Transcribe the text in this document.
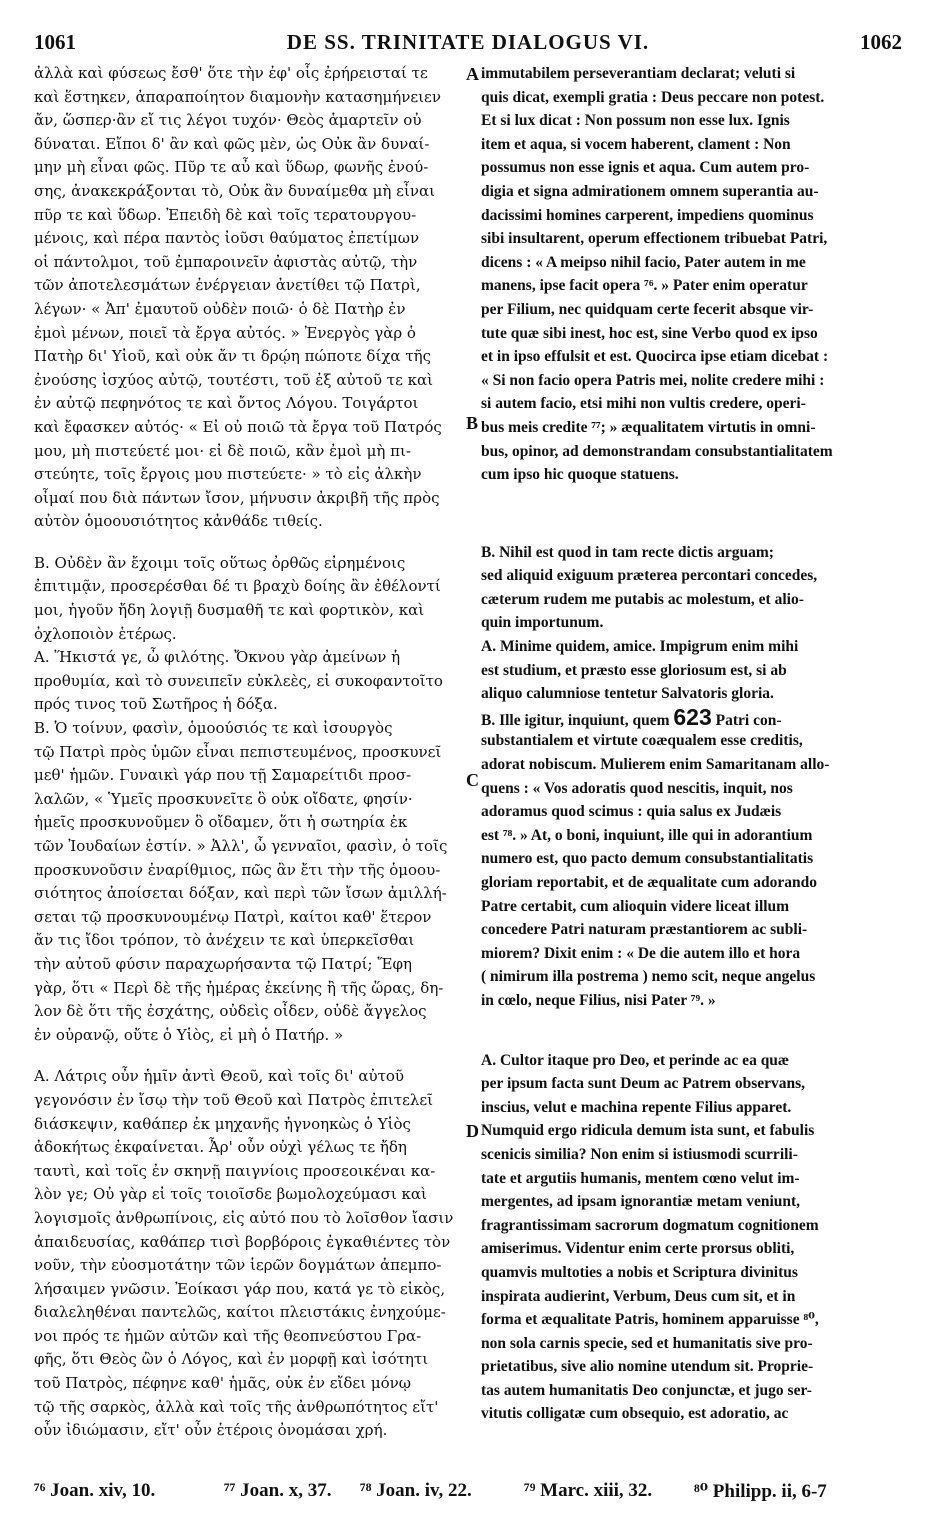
1061	DE SS. TRINITATE DIALOGUS VI.	1062
ἀλλὰ καὶ φύσεως ἔσθ' ὅτε τὴν ἐφ' οἷς ἐρήρεισταί τε
καὶ ἕστηκεν, ἀπαραποίητον διαμονὴν κατασημήνειεν
ἄν, ὥσπερ·ἂν εἴ τις λέγοι τυχόν· Θεὸς ἁμαρτεῖν οὐ
δύναται. Εἴποι δ' ἂν καὶ φῶς μὲν, ὡς Οὐκ ἂν δυναί-
μην μὴ εἶναι φῶς. Πῦρ τε αὖ καὶ ὕδωρ, φωνῆς ἐνού-
σης, ἀνακεκράξονται τὸ, Οὐκ ἂν δυναίμεθα μὴ εἶναι
πῦρ τε καὶ ὕδωρ. Ἐπειδὴ δὲ καὶ τοῖς τερατουργου-
μένοις, καὶ πέρα παντὸς ἰοῦσι θαύματος ἐπετίμων
οἱ πάντολμοι, τοῦ ἐμπαροινεῖν ἀφιστὰς αὐτῷ, τὴν
τῶν ἀποτελεσμάτων ἐνέργειαν ἀνετίθει τῷ Πατρὶ,
λέγων· « Ἀπ' ἐμαυτοῦ οὐδὲν ποιῶ· ὁ δὲ Πατὴρ ἐν
ἐμοὶ μένων, ποιεῖ τὰ ἔργα αὐτός. » Ἐνεργὸς γὰρ ὁ
Πατὴρ δι' Υἱοῦ, καὶ οὐκ ἄν τι δρῴη πώποτε δίχα τῆς
ἐνούσης ἰσχύος αὐτῷ, τουτέστι, τοῦ ἐξ αὐτοῦ τε καὶ
ἐν αὐτῷ πεφηνότος τε καὶ ὄντος Λόγου. Τοιγάρτοι
καὶ ἔφασκεν αὐτός· « Εἰ οὐ ποιῶ τὰ ἔργα τοῦ Πατρός
μου, μὴ πιστεύετέ μοι· εἰ δὲ ποιῶ, κἂν ἐμοὶ μὴ πι-
στεύητε, τοῖς ἔργοις μου πιστεύετε· » τὸ εἰς ἀλκὴν
οἶμαί που διὰ πάντων ἴσον, μήνυσιν ἀκριβῆ τῆς πρὸς
αὐτὸν ὁμοουσιότητος κἀνθάδε τιθείς.
B. Οὐδὲν ἂν ἔχοιμι τοῖς οὕτως ὀρθῶς εἰρημένοις
ἐπιτιμᾷν, προσερέσθαι δέ τι βραχὺ δοίης ἂν ἐθέλοντί
μοι, ἡγοῦν ἤδη λογιῇ δυσμαθῆ τε καὶ φορτικὸν, καὶ
ὀχλοποιὸν ἑτέρως.
A. Ἥκιστά γε, ὦ φιλότης. Ὄκνου γὰρ ἀμείνων ἡ
προθυμία, καὶ τὸ συνειπεῖν εὐκλεὲς, εἰ συκοφαντοῖτο
πρός τινος τοῦ Σωτῆρος ἡ δόξα.
B. Ὁ τοίνυν, φασὶν, ὁμοούσιός τε καὶ ἰσουργὸς
τῷ Πατρὶ πρὸς ὑμῶν εἶναι πεπιστευμένος, προσκυνεῖ
μεθ' ἡμῶν. Γυναικὶ γάρ που τῇ Σαμαρείτιδι προσ-
λαλῶν, « Ὑμεῖς προσκυνεῖτε ὃ οὐκ οἴδατε, φησίν·
ἡμεῖς προσκυνοῦμεν ὃ οἴδαμεν, ὅτι ἡ σωτηρία ἐκ
τῶν Ἰουδαίων ἐστίν. » Ἀλλ', ὦ γενναῖοι, φασὶν, ὁ τοῖς
προσκυνοῦσιν ἐναρίθμιος, πῶς ἂν ἔτι τὴν τῆς ὁμοου-
σιότητος ἀποίσεται δόξαν, καὶ περὶ τῶν ἴσων ἁμιλλή-
σεται τῷ προσκυνουμένῳ Πατρὶ, καίτοι καθ' ἕτερον
ἄν τις ἴδοι τρόπον, τὸ ἀνέχειν τε καὶ ὑπερκεῖσθαι
τὴν αὐτοῦ φύσιν παραχωρήσαντα τῷ Πατρί; Ἔφη
γὰρ, ὅτι « Περὶ δὲ τῆς ἡμέρας ἐκείνης ἢ τῆς ὥρας, δη-
λον δὲ ὅτι τῆς ἐσχάτης, οὐδεὶς οἶδεν, οὐδὲ ἄγγελος
ἐν οὐρανῷ, οὔτε ὁ Υἱὸς, εἰ μὴ ὁ Πατήρ. »
A. Λάτρις οὖν ἡμῖν ἀντὶ Θεοῦ, καὶ τοῖς δι' αὐτοῦ
γεγονόσιν ἐν ἴσῳ τὴν τοῦ Θεοῦ καὶ Πατρὸς ἐπιτελεῖ
διάσκεψιν, καθάπερ ἐκ μηχανῆς ἠγνοηκὼς ὁ Υἱὸς
ἀδοκήτως ἐκφαίνεται. Ἆρ' οὖν οὐχὶ γέλως τε ἤδη
ταυτὶ, καὶ τοῖς ἐν σκηνῇ παιγνίοις προσεοικέναι κα-
λὸν γε; Οὐ γὰρ εἰ τοῖς τοιοῖσδε βωμολοχεύμασι καὶ
λογισμοῖς ἀνθρωπίνοις, εἰς αὐτό που τὸ λοῖσθον ἴασιν
ἀπαιδευσίας, καθάπερ τισὶ βορβόροις ἐγκαθιέντες τὸν
νοῦν, τὴν εὐοσμοτάτην τῶν ἱερῶν δογμάτων ἀπεμπο-
λήσαιμεν γνῶσιν. Ἐοίκασι γάρ που, κατά γε τὸ εἰκὸς,
διαλεληθέναι παντελῶς, καίτοι πλειστάκις ἐνηχούμε-
νοι πρός τε ἡμῶν αὐτῶν καὶ τῆς θεοπνεύστου Γρα-
φῆς, ὅτι Θεὸς ὢν ὁ Λόγος, καὶ ἐν μορφῇ καὶ ἰσότητι
τοῦ Πατρὸς, πέφηνε καθ' ἡμᾶς, οὐκ ἐν εἴδει μόνῳ
τῷ τῆς σαρκὸς, ἀλλὰ καὶ τοῖς τῆς ἀνθρωπότητος εἴτ'
οὖν ἰδιώμασιν, εἴτ' οὖν ἑτέροις ὀνομάσαι χρή.
immutabilem perseverantiam declarat; veluti si
quis dicat, exempli gratia : Deus peccare non potest.
Et si lux dicat : Non possum non esse lux. Ignis
item et aqua, si vocem haberent, clament : Non
possumus non esse ignis et aqua. Cum autem pro-
digia et signa admirationem omnem superantia au-
dacissimi homines carperent, impediens quominus
sibi insultarent, operum effectionem tribuebat Patri,
dicens : « A meipso nihil facio, Pater autem in me
manens, ipse facit opera ⁷⁶. » Pater enim operatur
per Filium, nec quidquam certe fecerit absque vir-
tute quæ sibi inest, hoc est, sine Verbo quod ex ipso
et in ipso effulsit et est. Quocirca ipse etiam dicebat :
« Si non facio opera Patris mei, nolite credere mihi :
si autem facio, etsi mihi non vultis credere, operi-
bus meis credite ⁷⁷; » æqualitatem virtutis in omni-
bus, opinor, ad demonstrandam consubstantialitatem
cum ipso hic quoque statuens.
B. Nihil est quod in tam recte dictis arguam;
sed aliquid exiguum præterea percontari concedes,
cæterum rudem me putabis ac molestum, et alio-
quin importunum.
A. Minime quidem, amice. Impigrum enim mihi
est studium, et præsto esse gloriosum est, si ab
aliquo calumniose tentetur Salvatoris gloria.
B. Ille igitur, inquiunt, quem 623 Patri con-
substantialem et virtute coæqualem esse creditis,
adorat nobiscum. Mulierem enim Samaritanam allo-
quens : « Vos adoratis quod nescitis, inquit, nos
adoramus quod scimus : quia salus ex Judæis
est ⁷⁸. » At, o boni, inquiunt, ille qui in adorantium
numero est, quo pacto demum consubstantialitatis
gloriam reportabit, et de æqualitate cum adorando
Patre certabit, cum alioquin videre liceat illum
concedere Patri naturam præstantiorem ac subli-
miorem? Dixit enim : « De die autem illo et hora
( nimirum illa postrema ) nemo scit, neque angelus
in cœlo, neque Filius, nisi Pater ⁷⁹. »
A. Cultor itaque pro Deo, et perinde ac ea quæ
per ipsum facta sunt Deum ac Patrem observans,
inscius, velut e machina repente Filius apparet.
Numquid ergo ridicula demum ista sunt, et fabulis
scenicis similia? Non enim si istiusmodi scurrili-
tate et argutiis humanis, mentem cœno velut im-
mergentes, ad ipsam ignorantiæ metam veniunt,
fragrantissimam sacrorum dogmatum cognitionem
amiserimus. Videntur enim certe prorsus obliti,
quamvis multoties a nobis et Scriptura divinitus
inspirata audierint, Verbum, Deus cum sit, et in
forma et æqualitate Patris, hominem apparuisse ⁸⁰,
non sola carnis specie, sed et humanitatis sive pro-
prietatibus, sive alio nomine utendum sit. Proprie-
tas autem humanitatis Deo conjunctæ, et jugo ser-
vitutis colligatæ cum obsequio, est adoratio, ac
A
B
C
D
⁷⁶ Joan. xiv, 10.	⁷⁷ Joan. x, 37. ⁷⁸ Joan. iv, 22.	⁷⁹ Marc. xiii, 32. ⁸⁰ Philipp. ii, 6-7
